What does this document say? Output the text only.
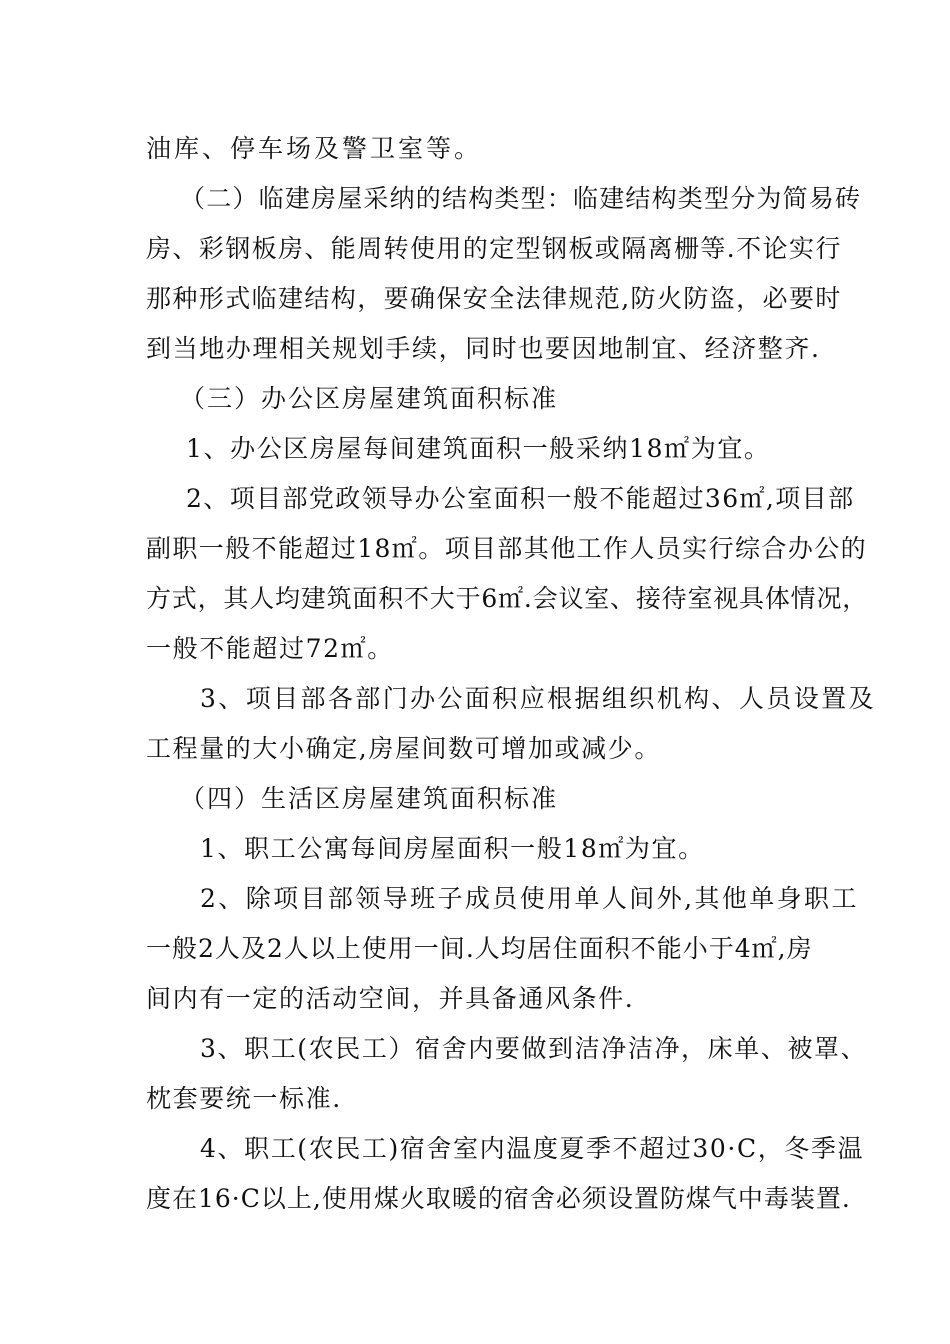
油库、停车场及警卫室等。
（二）临建房屋采纳的结构类型：临建结构类型分为简易砖
房、彩钢板房、能周转使用的定型钢板或隔离栅等.不论实行
那种形式临建结构，要确保安全法律规范,防火防盗，必要时
到当地办理相关规划手续，同时也要因地制宜、经济整齐.
（三）办公区房屋建筑面积标准
1、办公区房屋每间建筑面积一般采纳18㎡为宜。
2、项目部党政领导办公室面积一般不能超过36㎡,项目部
副职一般不能超过18㎡。项目部其他工作人员实行综合办公的
方式，其人均建筑面积不大于6㎡.会议室、接待室视具体情况，
一般不能超过72㎡。
3、项目部各部门办公面积应根据组织机构、人员设置及
工程量的大小确定,房屋间数可增加或减少。
（四）生活区房屋建筑面积标准
1、职工公寓每间房屋面积一般18㎡为宜。
2、除项目部领导班子成员使用单人间外,其他单身职工
一般2人及2人以上使用一间.人均居住面积不能小于4㎡,房
间内有一定的活动空间，并具备通风条件.
3、职工(农民工）宿舍内要做到洁净洁净，床单、被罩、
枕套要统一标准.
4、职工(农民工)宿舍室内温度夏季不超过30·C，冬季温
度在16·C以上,使用煤火取暖的宿舍必须设置防煤气中毒装置.
